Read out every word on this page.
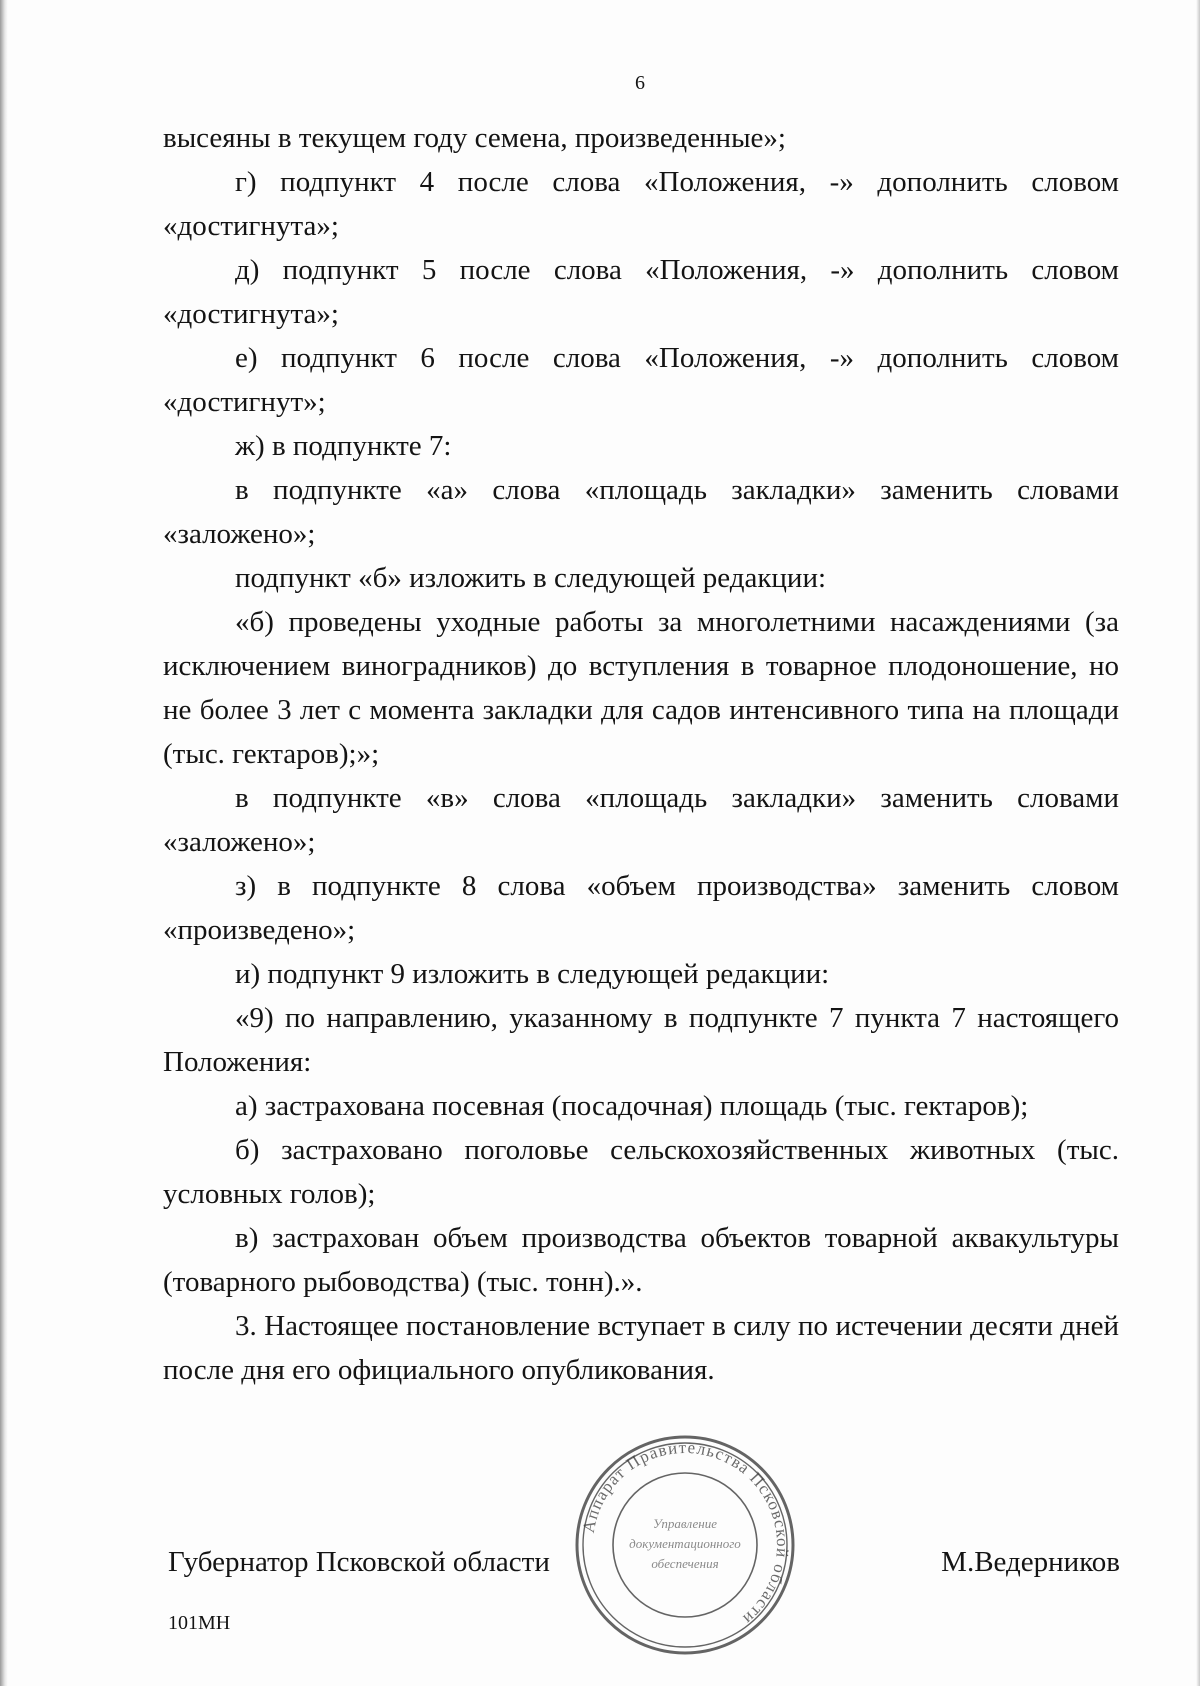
6

высеяны в текущем году семена, произведенные»;

г) подпункт 4 после слова «Положения, -» дополнить словом «достигнута»;

д) подпункт 5 после слова «Положения, -» дополнить словом «достигнута»;

е) подпункт 6 после слова «Положения, -» дополнить словом «достигнут»;

ж) в подпункте 7:

в подпункте «а» слова «площадь закладки» заменить словами «заложено»;

подпункт «б» изложить в следующей редакции:

«б) проведены уходные работы за многолетними насаждениями (за исключением виноградников) до вступления в товарное плодоношение, но не более 3 лет с момента закладки для садов интенсивного типа на площади (тыс. гектаров);»;

в подпункте «в» слова «площадь закладки» заменить словами «заложено»;

з) в подпункте 8 слова «объем производства» заменить словом «произведено»;

и) подпункт 9 изложить в следующей редакции:

«9) по направлению, указанному в подпункте 7 пункта 7 настоящего Положения:

а) застрахована посевная (посадочная) площадь (тыс. гектаров);

б) застраховано поголовье сельскохозяйственных животных (тыс. условных голов);

в) застрахован объем производства объектов товарной аквакультуры (товарного рыбоводства) (тыс. тонн).».

3. Настоящее постановление вступает в силу по истечении десяти дней после дня его официального опубликования.

Губернатор Псковской области	М.Ведерников
Аппарат Правительства Псковской области
Управление
документационного
обеспечения
101МН
